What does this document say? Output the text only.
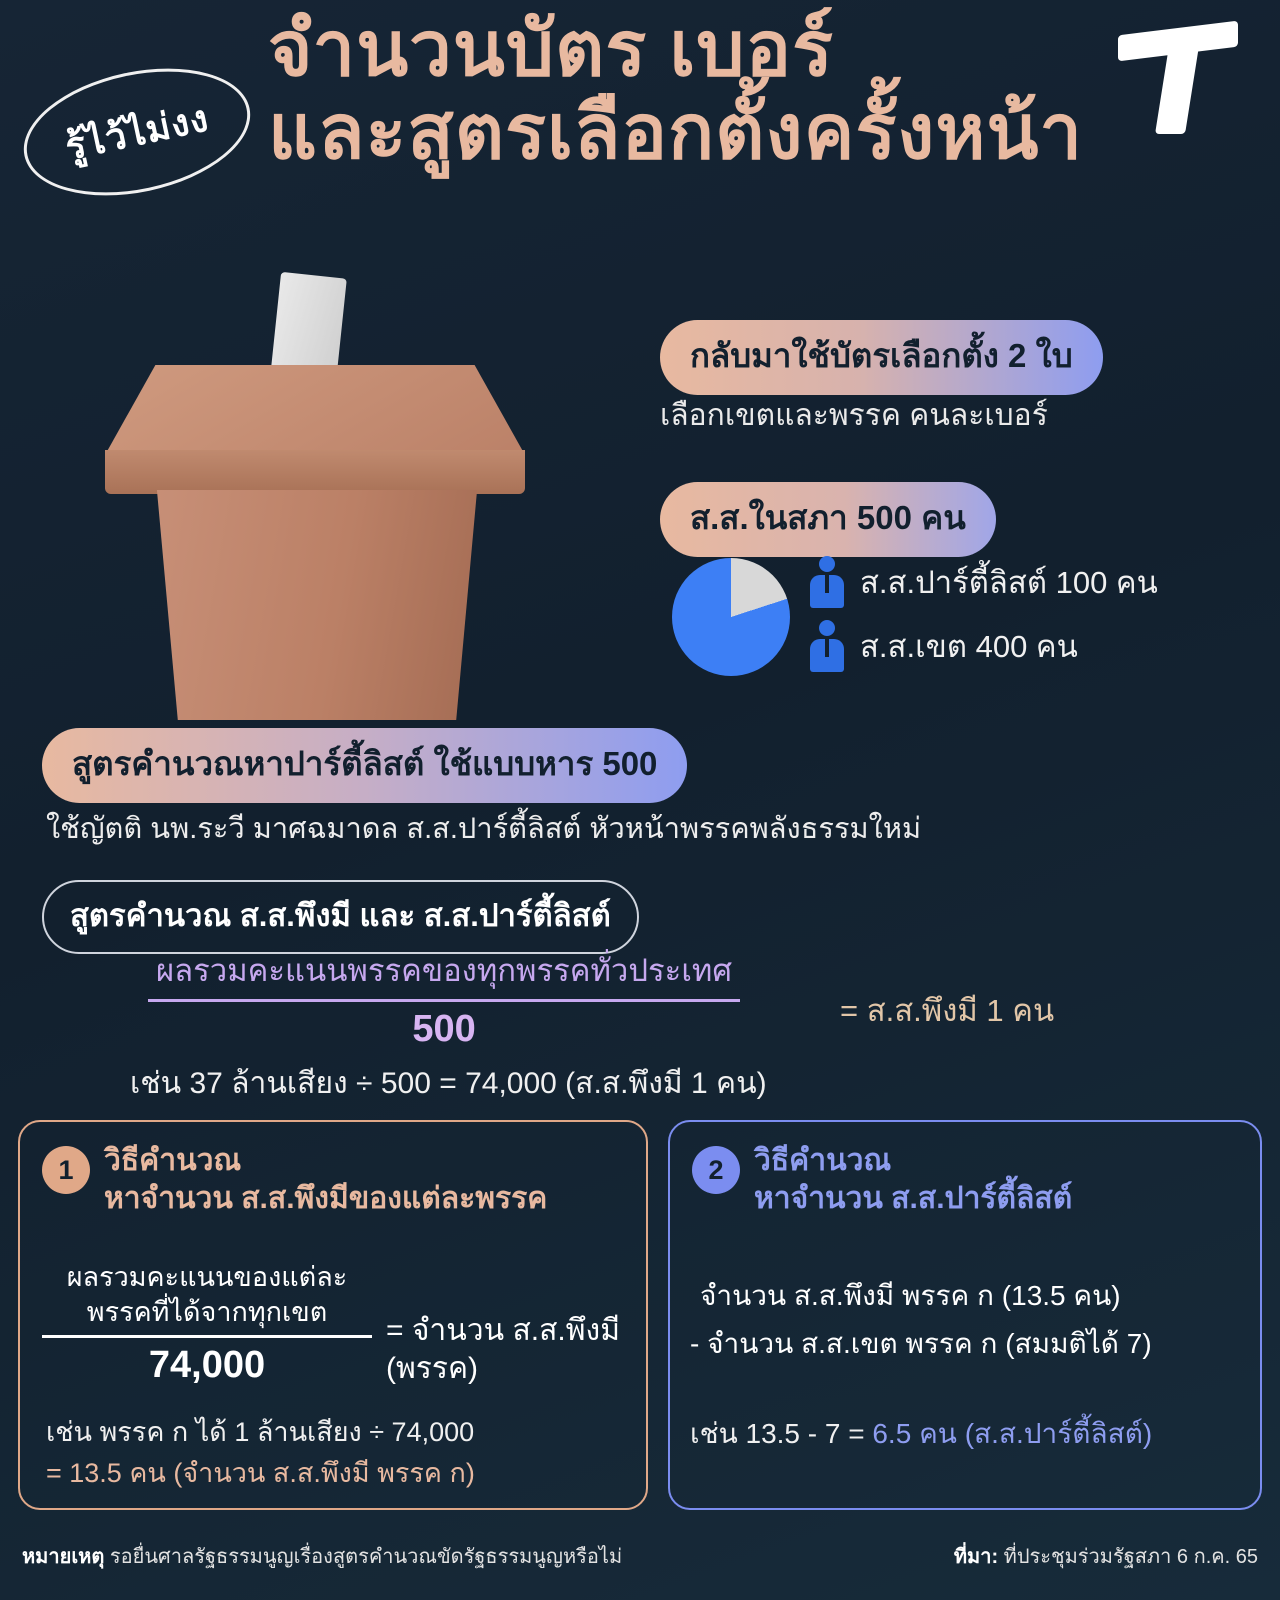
รู้ไว้ไม่งง
จำนวนบัตร เบอร์
และสูตรเลือกตั้งครั้งหน้า
กลับมาใช้บัตรเลือกตั้ง 2 ใบ
เลือกเขตและพรรค คนละเบอร์
ส.ส.ในสภา 500 คน
ส.ส.ปาร์ตี้ลิสต์ 100 คน
ส.ส.เขต 400 คน
สูตรคำนวณหาปาร์ตี้ลิสต์ ใช้แบบหาร 500
ใช้ญัตติ นพ.ระวี มาศฉมาดล ส.ส.ปาร์ตี้ลิสต์ หัวหน้าพรรคพลังธรรมใหม่
สูตรคำนวณ ส.ส.พึงมี และ ส.ส.ปาร์ตี้ลิสต์
ผลรวมคะแนนพรรคของทุกพรรคทั่วประเทศ
500	= ส.ส.พึงมี 1 คน
เช่น 37 ล้านเสียง ÷ 500 = 74,000 (ส.ส.พึงมี 1 คน)
1	วิธีคำนวณ
หาจำนวน ส.ส.พึงมีของแต่ละพรรค
ผลรวมคะแนนของแต่ละ
พรรคที่ได้จากทุกเขต
74,000
= จำนวน ส.ส.พึงมี
(พรรค)
เช่น พรรค ก ได้ 1 ล้านเสียง ÷ 74,000
= 13.5 คน (จำนวน ส.ส.พึงมี พรรค ก)
2	วิธีคำนวณ
หาจำนวน ส.ส.ปาร์ตี้ลิสต์
จำนวน ส.ส.พึงมี พรรค ก (13.5 คน)
- จำนวน ส.ส.เขต พรรค ก (สมมติได้ 7)
เช่น 13.5 - 7 = 6.5 คน (ส.ส.ปาร์ตี้ลิสต์)
หมายเหตุ รอยื่นศาลรัฐธรรมนูญเรื่องสูตรคำนวณขัดรัฐธรรมนูญหรือไม่	ที่มา: ที่ประชุมร่วมรัฐสภา 6 ก.ค. 65
